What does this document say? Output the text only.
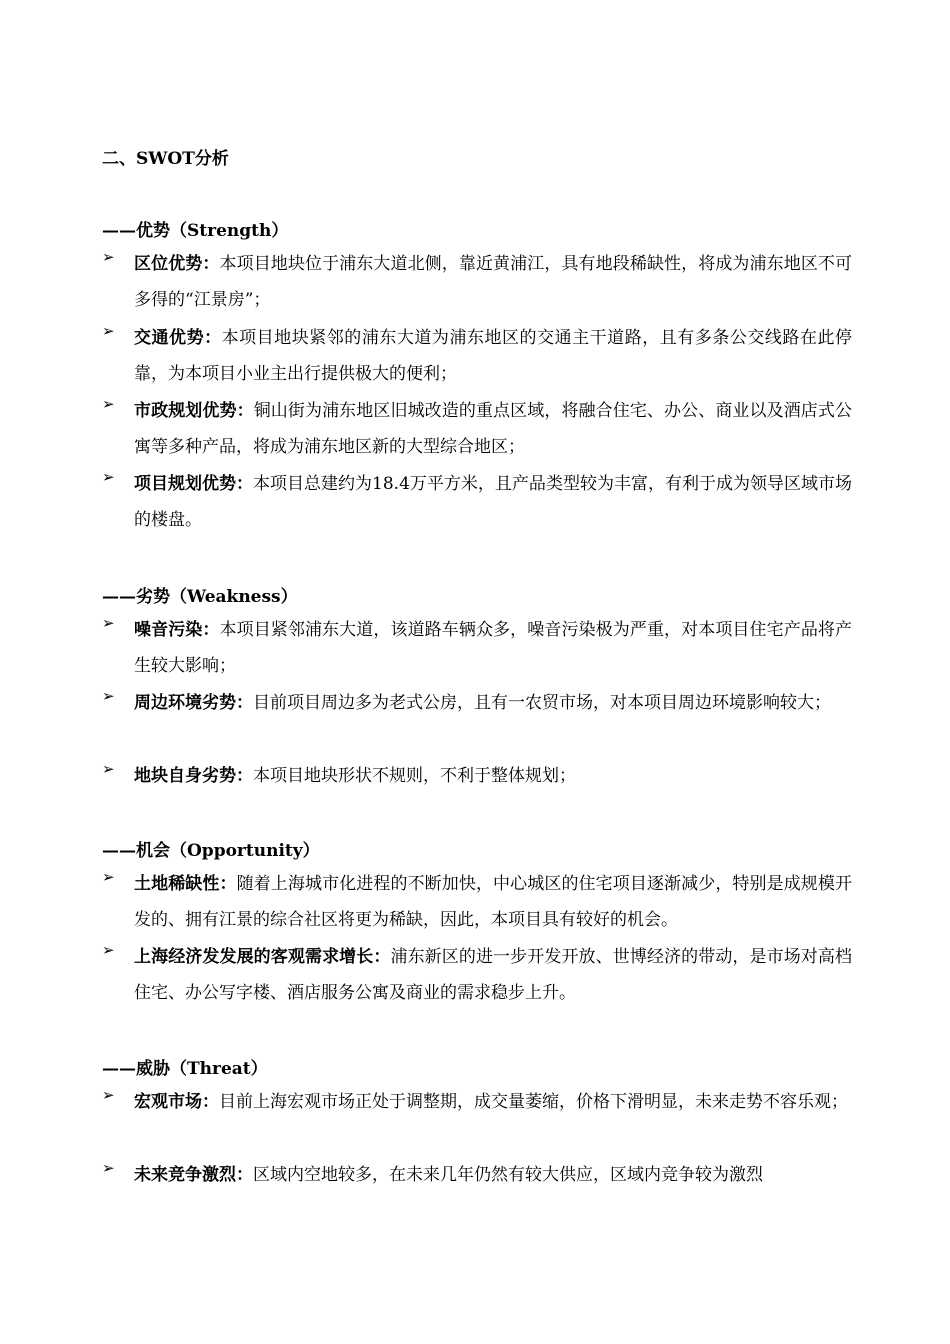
二、SWOT分析
——优势（Strength）
➢ 区位优势：本项目地块位于浦东大道北侧，靠近黄浦江，具有地段稀缺性，将成为浦东地区不可多得的“江景房”；
➢ 交通优势：本项目地块紧邻的浦东大道为浦东地区的交通主干道路，且有多条公交线路在此停靠，为本项目小业主出行提供极大的便利；
➢ 市政规划优势：铜山街为浦东地区旧城改造的重点区域，将融合住宅、办公、商业以及酒店式公寓等多种产品，将成为浦东地区新的大型综合地区；
➢ 项目规划优势：本项目总建约为18.4万平方米，且产品类型较为丰富，有利于成为领导区域市场的楼盘。
——劣势（Weakness）
➢ 噪音污染：本项目紧邻浦东大道，该道路车辆众多，噪音污染极为严重，对本项目住宅产品将产生较大影响；
➢ 周边环境劣势：目前项目周边多为老式公房，且有一农贸市场，对本项目周边环境影响较大；
➢ 地块自身劣势：本项目地块形状不规则，不利于整体规划；
——机会（Opportunity）
➢ 土地稀缺性：随着上海城市化进程的不断加快，中心城区的住宅项目逐渐减少，特别是成规模开发的、拥有江景的综合社区将更为稀缺，因此，本项目具有较好的机会。
➢ 上海经济发发展的客观需求增长：浦东新区的进一步开发开放、世博经济的带动，是市场对高档住宅、办公写字楼、酒店服务公寓及商业的需求稳步上升。
——威胁（Threat）
➢ 宏观市场：目前上海宏观市场正处于调整期，成交量萎缩，价格下滑明显，未来走势不容乐观；
➢ 未来竞争激烈：区域内空地较多，在未来几年仍然有较大供应，区域内竞争较为激烈
